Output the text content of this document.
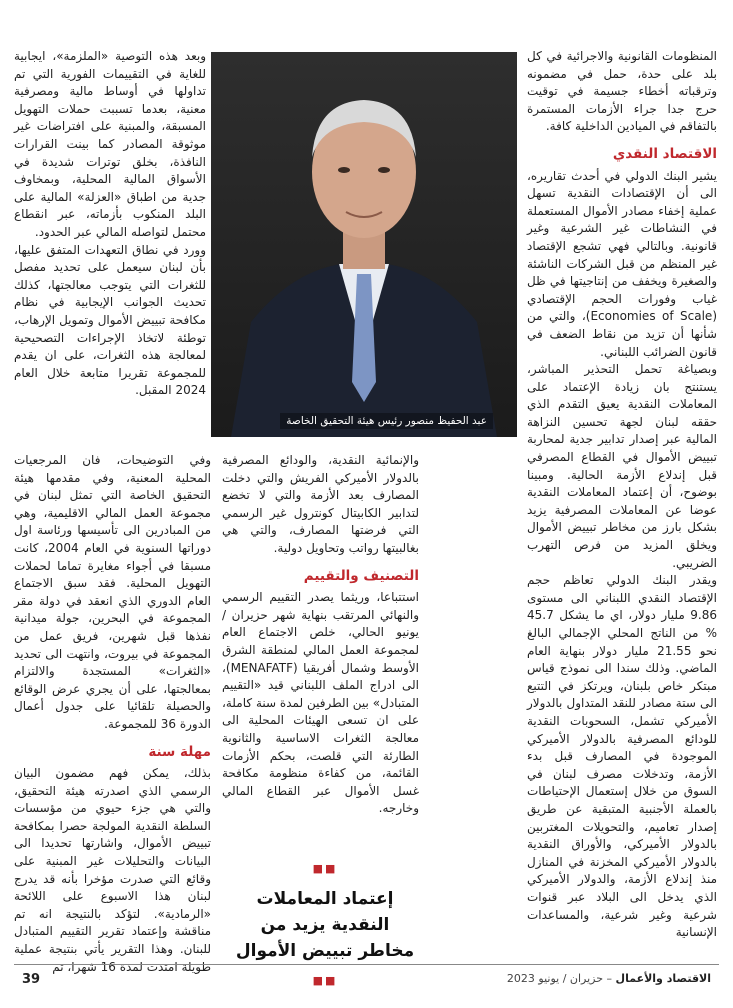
المنظومات القانونية والاجرائية في كل بلد على حدة، حمل في مضمونه وترقباته أخطاء جسيمة في توقيت حرج جدا جراء الأزمات المستمرة بالتفاقم في الميادين الداخلية كافة.

الاقتصاد النقدي

يشير البنك الدولي في أحدث تقاريره، الى أن الإقتصادات النقدية تسهل عملية إخفاء مصادر الأموال المستعملة في النشاطات غير الشرعية وغير قانونية. وبالتالي فهي تشجع الإقتصاد غير المنظم من قبل الشركات الناشئة والصغيرة ويخفف من إنتاجيتها في ظل غياب وفورات الحجم الإقتصادي (Economies of Scale)، والتي من شأنها أن تزيد من نقاط الضعف في قانون الضرائب اللبناني.

وبصياغة تحمل التحذير المباشر، يستنتج بان زيادة الإعتماد على المعاملات النقدية يعيق التقدم الذي حققه لبنان لجهة تحسين النزاهة المالية عبر إصدار تدابير جدية لمحاربة تبييض الأموال في القطاع المصرفي قبل إندلاع الأزمة الحالية. ومبينا بوضوح، أن إعتماد المعاملات النقدية عوضا عن المعاملات المصرفية يزيد بشكل بارز من مخاطر تبييض الأموال ويخلق المزيد من فرص التهرب الضريبي.

ويقدر البنك الدولي تعاظم حجم الإقتصاد النقدي اللبناني الى مستوى 9.86 مليار دولار، اي ما يشكل 45.7 % من الناتج المحلي الإجمالي البالغ نحو 21.55 مليار دولار بنهاية العام الماضي. وذلك سندا الى نموذج قياس مبتكر خاص بلبنان، ويرتكز في التتبع الى ستة مصادر للنقد المتداول بالدولار الأميركي تشمل، السحوبات النقدية للودائع المصرفية بالدولار الأميركي الموجودة في المصارف قبل بدء الأزمة، وتدخلات مصرف لبنان في السوق من خلال إستعمال الإحتياطات بالعملة الأجنبية المتبقية عن طريق إصدار تعاميم، والتحويلات المغتربين بالدولار الأميركي، والأوراق النقدية بالدولار الأميركي المخزنة في المنازل منذ إندلاع الأزمة، والدولار الأميركي الذي يدخل الى البلاد عبر قنوات شرعية وغير شرعية، والمساعدات الإنسانية

عبد الحفيظ منصور رئيس هيئة التحقيق الخاصة

وبعد هذه التوصية «الملزمة»، ايجابية للغاية في التقييمات الفورية التي تم تداولها في أوساط مالية ومصرفية معنية، بعدما تسببت حملات التهويل المسبقة، والمبنية على افتراضات غير موثوقة المصادر كما بينت القرارات النافذة، بخلق توترات شديدة في الأسواق المالية المحلية، وبمخاوف جدية من اطباق «العزلة» المالية على البلد المنكوب بأزماته، عبر انقطاع محتمل لتواصله المالي عبر الحدود.

وورد في نطاق التعهدات المتفق عليها، بأن لبنان سيعمل على تحديد مفصل للثغرات التي يتوجب معالجتها، كذلك تحديث الجوانب الإيجابية في نظام مكافحة تبييض الأموال وتمويل الإرهاب، توطئة لاتخاذ الإجراءات التصحيحية لمعالجة هذه الثغرات، على ان يقدم للمجموعة تقريرا متابعة خلال العام 2024 المقبل.

والإنمائية النقدية، والودائع المصرفية بالدولار الأميركي الفريش والتي دخلت المصارف بعد الأزمة والتي لا تخضع لتدابير الكابيتال كونترول غير الرسمي التي فرضتها المصارف، والتي هي بغالبيتها رواتب وتحاويل دولية.

التصنيف والتقييم

استتباعا، وريثما يصدر التقييم الرسمي والنهائي المرتقب بنهاية شهر حزيران / يونيو الحالي، خلص الاجتماع العام لمجموعة العمل المالي لمنطقة الشرق الأوسط وشمال أفريقيا (MENAFATF)، الى ادراج الملف اللبناني قيد «التقييم المتبادل» بين الطرفين لمدة سنة كاملة، على ان تسعى الهيئات المحلية الى معالجة الثغرات الاساسية والثانوية الطارئة التي قلصت، بحكم الأزمات القائمة، من كفاءة منظومة مكافحة غسل الأموال عبر القطاع المالي وخارجه.

■■
إعتماد المعاملات النقدية يزيد من مخاطر تبييض الأموال
■■

وفي التوضيحات، فان المرجعيات المحلية المعنية، وفي مقدمها هيئة التحقيق الخاصة التي تمثل لبنان في مجموعة العمل المالي الاقليمية، وهي من المبادرين الى تأسيسها ورئاسة اول دوراتها السنوية في العام 2004، كانت مسبقا في أجواء مغايرة تماما لحملات التهويل المحلية. فقد سبق الاجتماع العام الدوري الذي انعقد في دولة مقر المجموعة في البحرين، جولة ميدانية نفذها قبل شهرين، فريق عمل من المجموعة في بيروت، وانتهت الى تحديد «الثغرات» المستجدة والالتزام بمعالجتها، على أن يجري عرض الوقائع والحصيلة تلقائيا على جدول أعمال الدورة 36 للمجموعة.

مهلة سنة

بذلك، يمكن فهم مضمون البيان الرسمي الذي اصدرته هيئة التحقيق، والتي هي جزء حيوي من مؤسسات السلطة النقدية المولجة حصرا بمكافحة تبييض الأموال، واشارتها تحديدا الى البيانات والتحليلات غير المبنية على وقائع التي صدرت مؤخرا بأنه قد يدرج لبنان هذا الاسبوع على اللائحة «الرمادية». لتؤكد بالنتيجة انه تم مناقشة وإعتماد تقرير التقييم المتبادل للبنان. وهذا التقرير يأتي بنتيجة عملية طويلة امتدت لمدة 16 شهرا، تم

39	الاقتصاد والأعمال – حزيران / يونيو 2023
